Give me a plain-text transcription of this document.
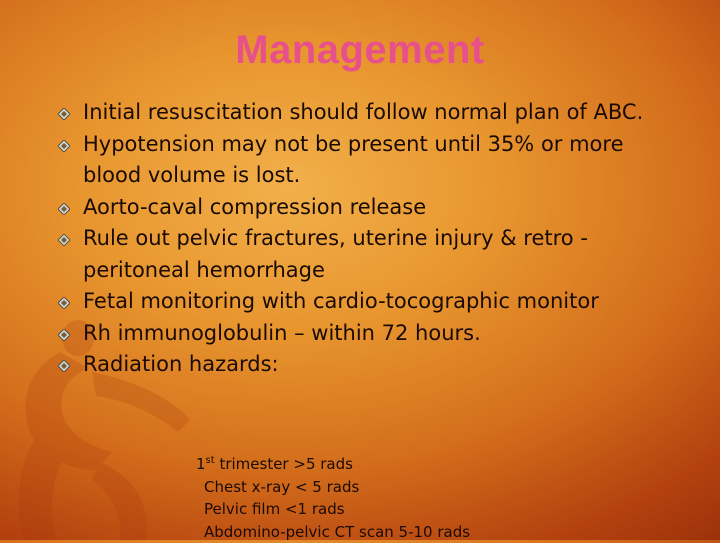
Management
Initial resuscitation should follow normal plan of ABC.
Hypotension may not be present until 35% or more blood volume is lost.
Aorto-caval compression release
Rule out pelvic fractures, uterine injury & retro -peritoneal hemorrhage
Fetal monitoring with cardio-tocographic monitor
Rh immunoglobulin – within 72 hours.
Radiation hazards:
1st trimester >5 rads
Chest x-ray < 5 rads
Pelvic film <1 rads
Abdomino-pelvic CT scan 5-10 rads
